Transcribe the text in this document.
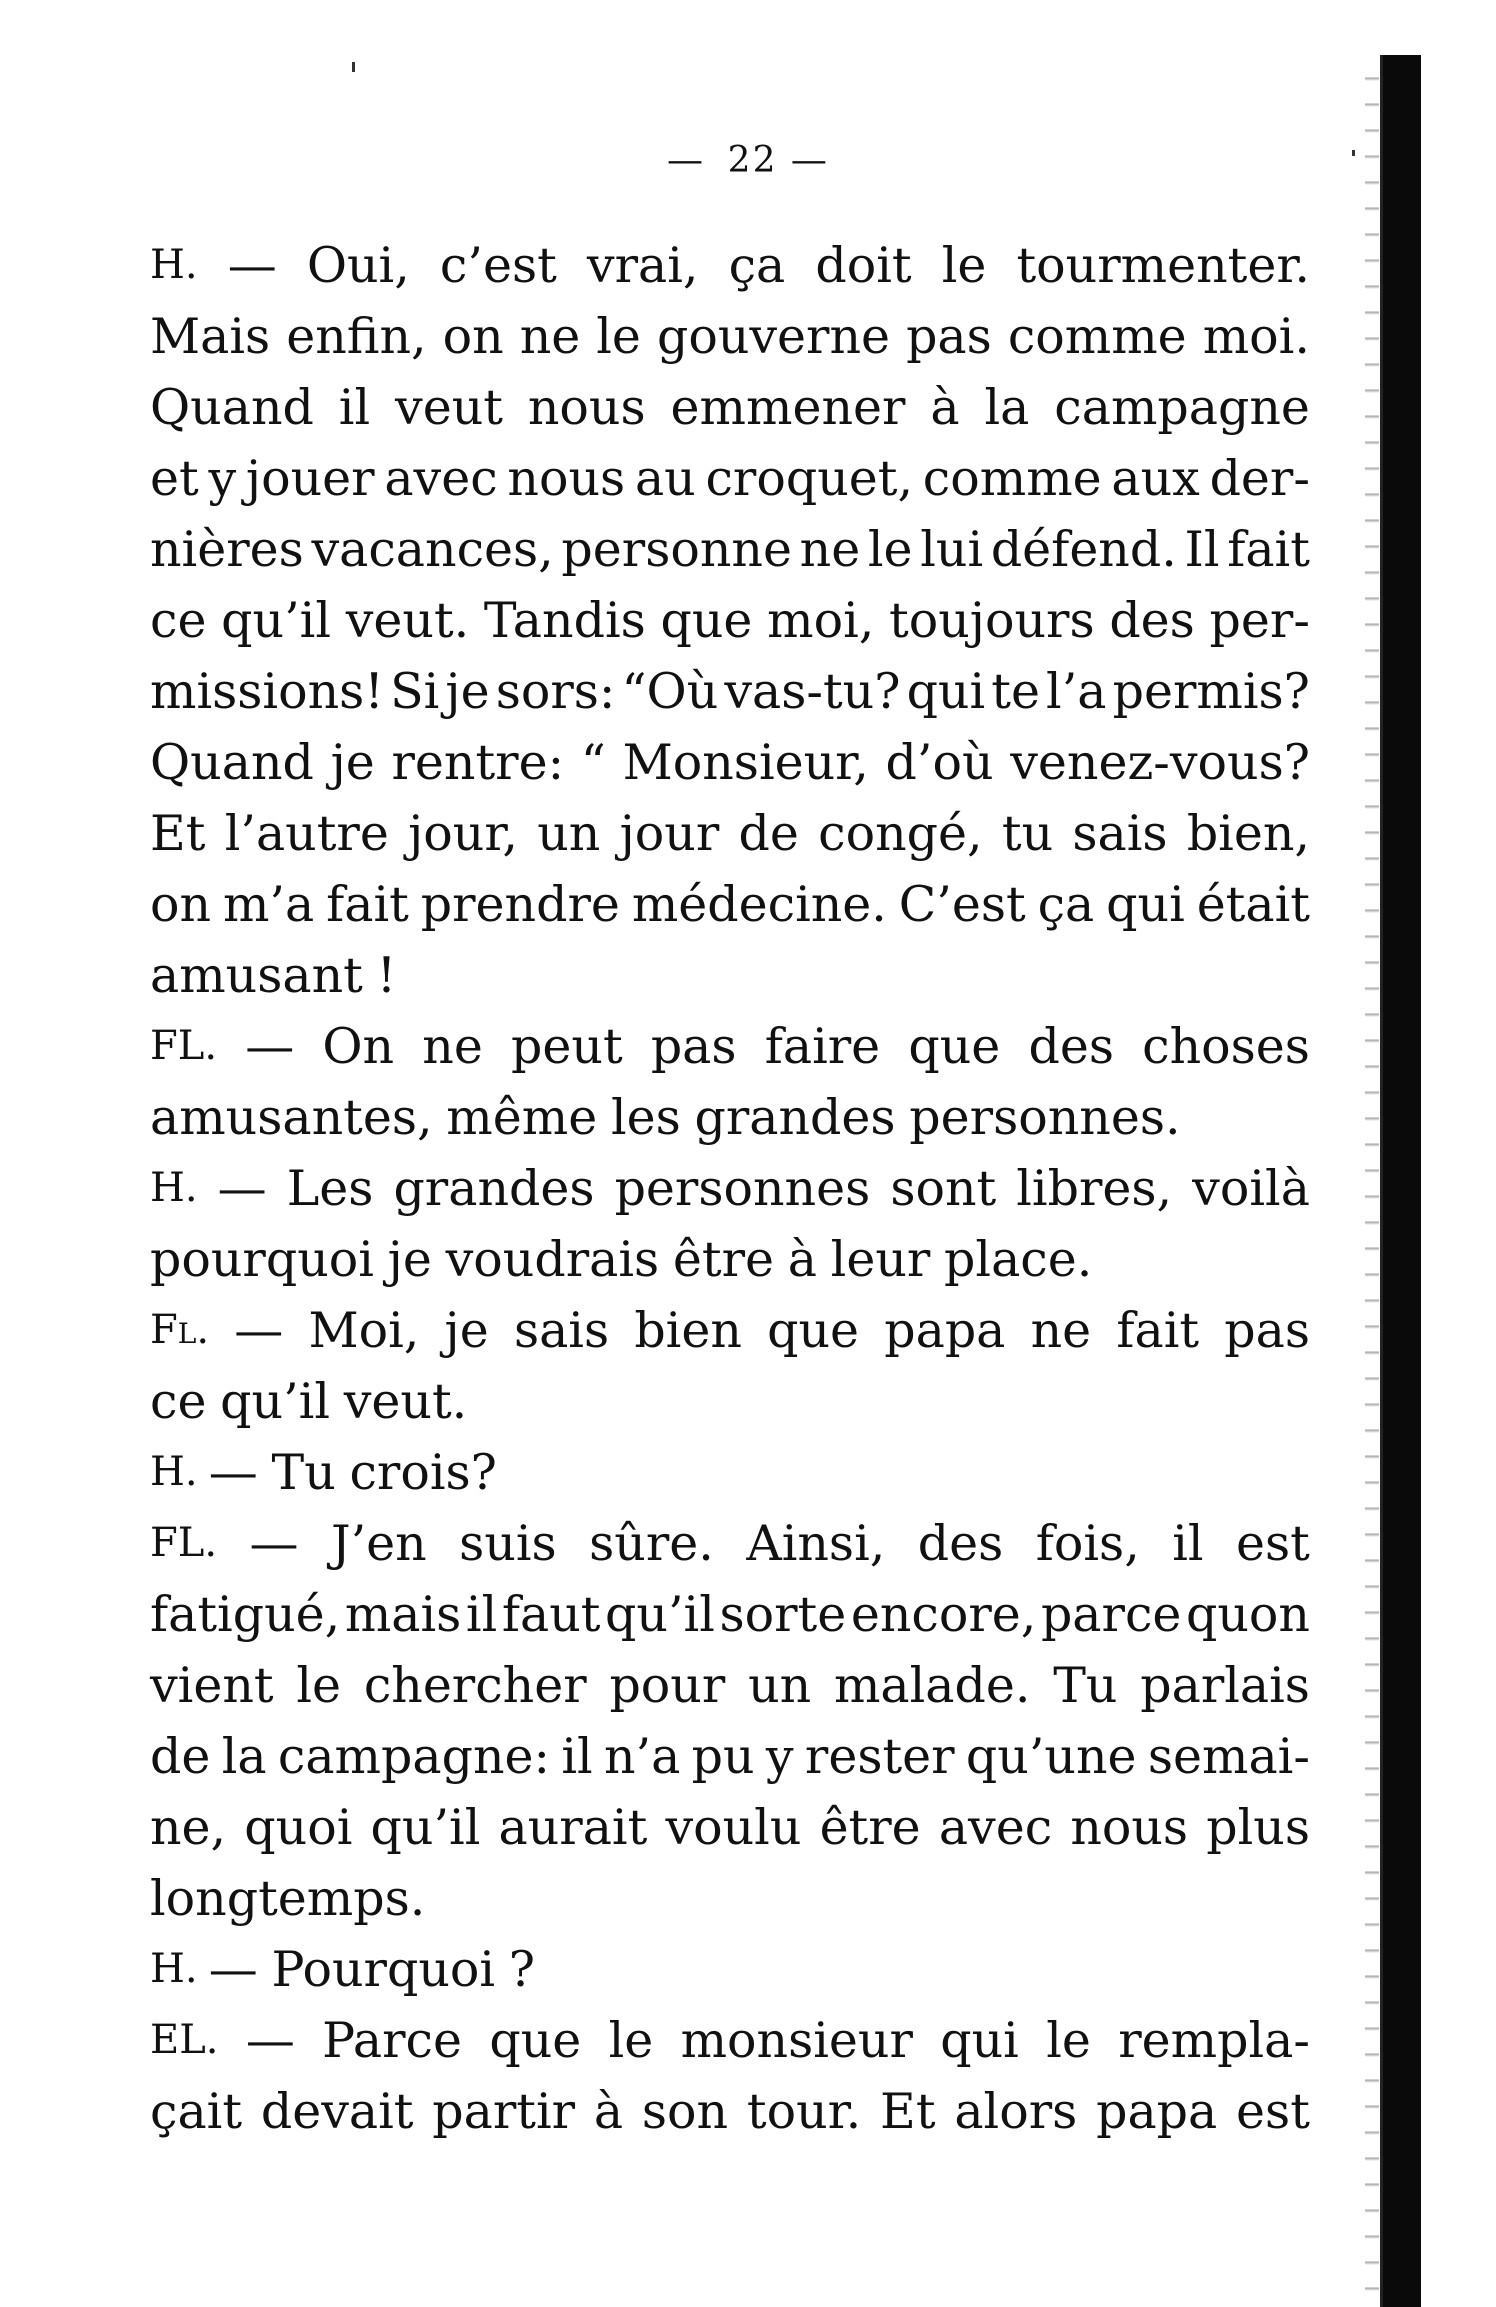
—  22 —
H. — Oui, c’est vrai, ça doit le tourmenter.
Mais enfin, on ne le gouverne pas comme moi.
Quand il veut nous emmener à la campagne
et y jouer avec nous au croquet, comme aux der-
nières vacances, personne ne le lui défend. Il fait
ce qu’il veut. Tandis que moi, toujours des per-
missions! Si je sors: “Où vas-tu? qui te l’a permis?
Quand je rentre: “ Monsieur, d’où venez-vous?
Et l’autre jour, un jour de congé, tu sais bien,
on m’a fait prendre médecine. C’est ça qui était
amusant !
FL. — On ne peut pas faire que des choses
amusantes, même les grandes personnes.
H. — Les grandes personnes sont libres, voilà
pourquoi je voudrais être à leur place.
Fl. — Moi, je sais bien que papa ne fait pas
ce qu’il veut.
H. — Tu crois?
FL. — J’en suis sûre. Ainsi, des fois, il est
fatigué, mais il faut qu’il sorte encore, parce quon
vient le chercher pour un malade. Tu parlais
de la campagne: il n’a pu y rester qu’une semai-
ne, quoi qu’il aurait voulu être avec nous plus
longtemps.
H. — Pourquoi ?
EL. — Parce que le monsieur qui le rempla-
çait devait partir à son tour. Et alors papa est
